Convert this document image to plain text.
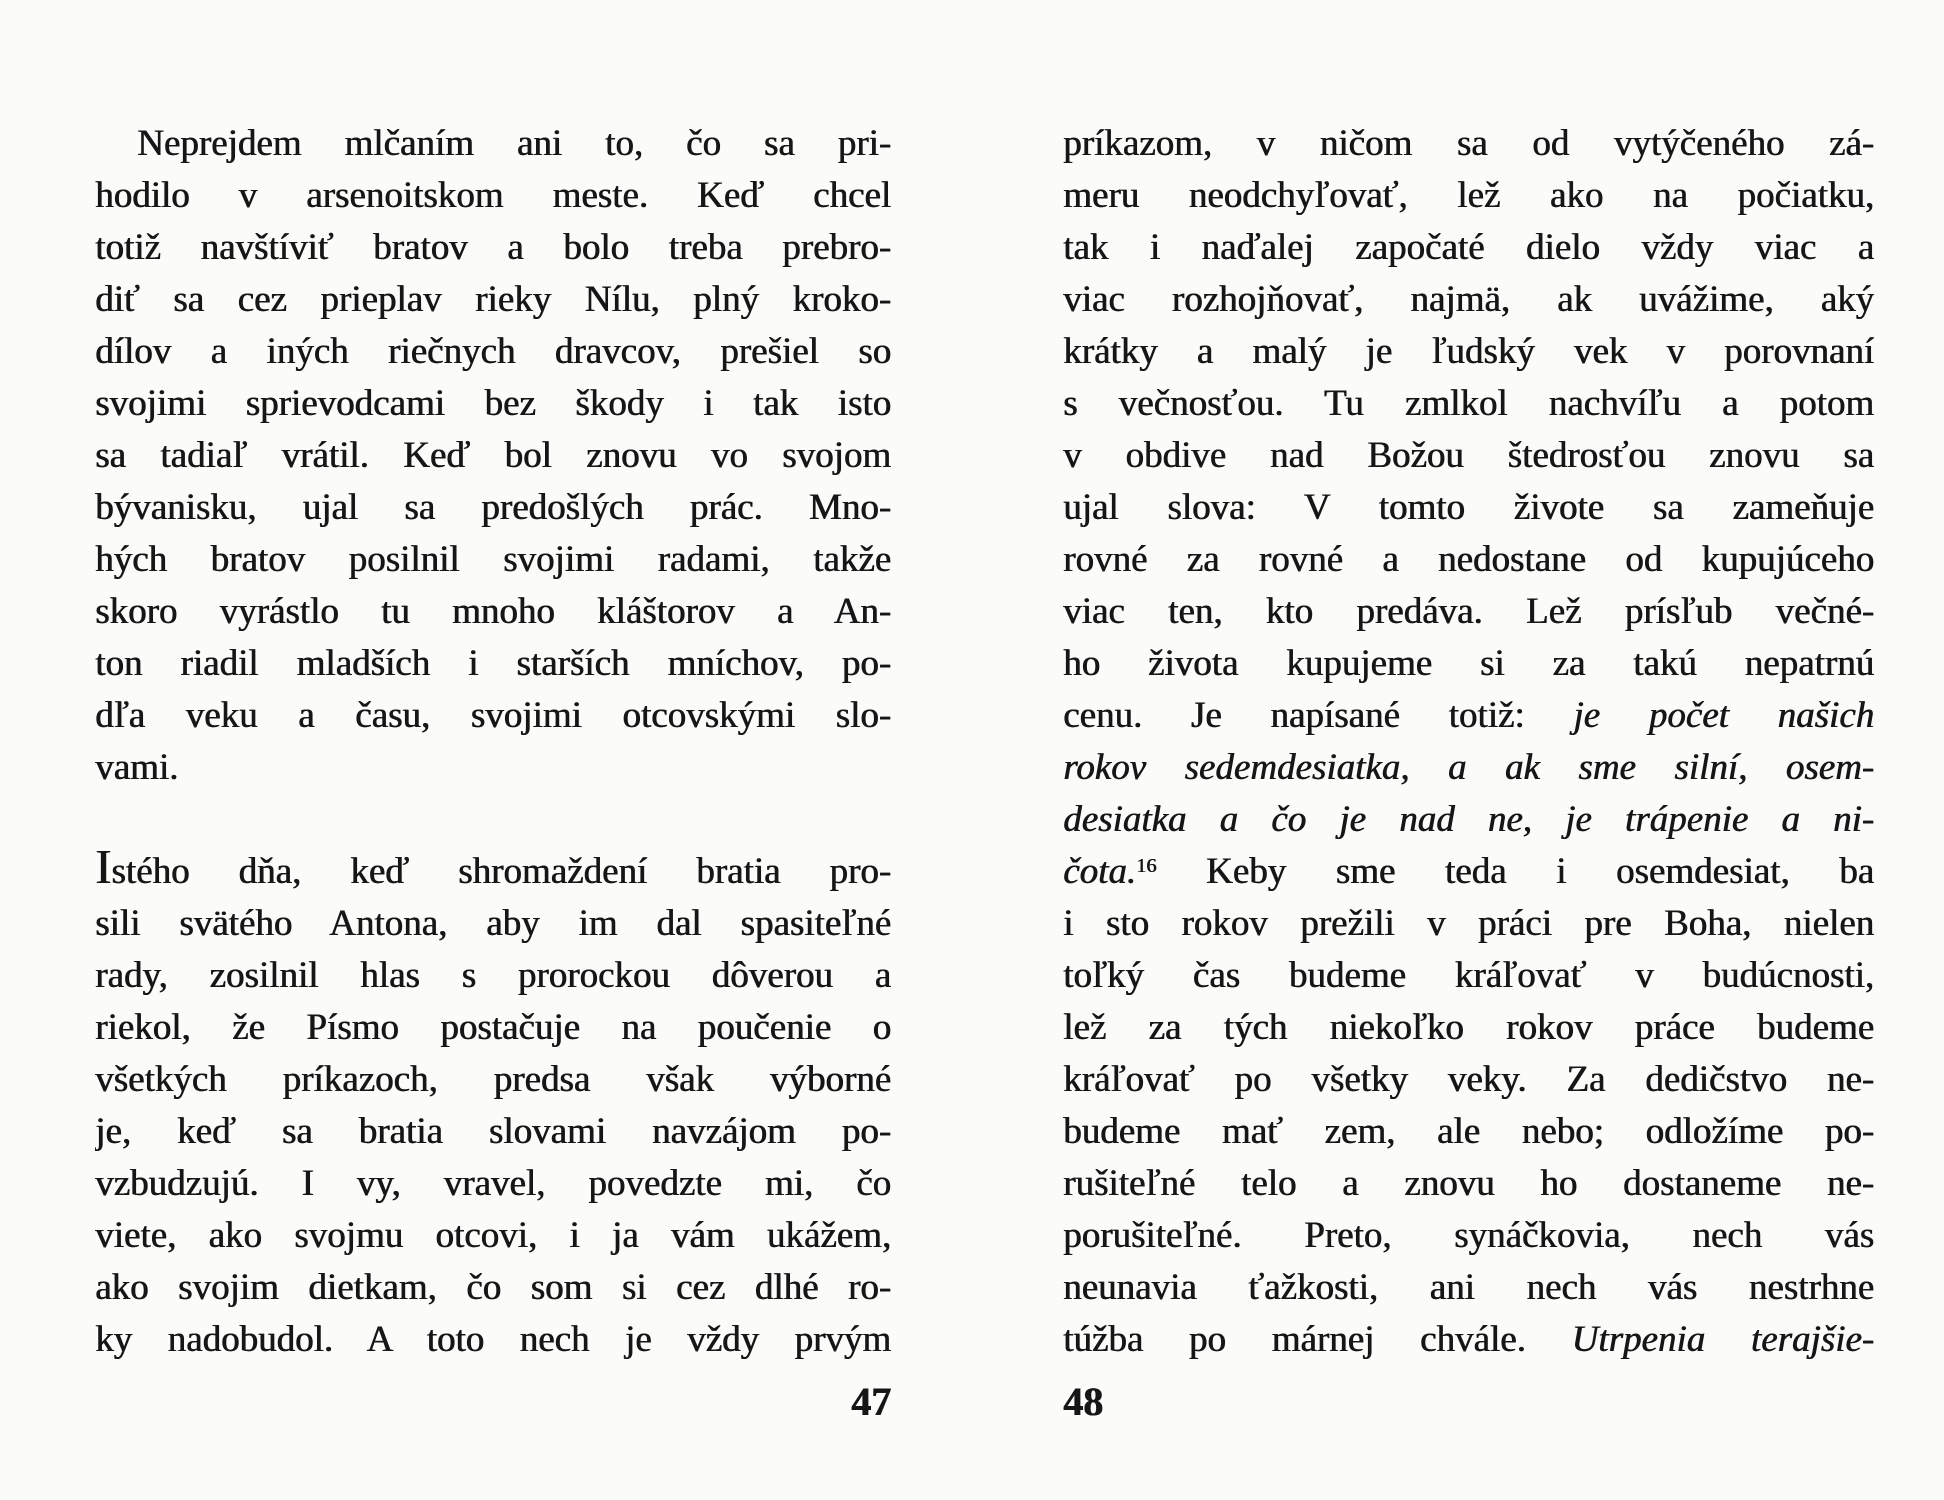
Neprejdem mlčaním ani to, čo sa pri-
hodilo v arsenoitskom meste. Keď chcel
totiž navštíviť bratov a bolo treba prebro-
diť sa cez prieplav rieky Nílu, plný kroko-
dílov a iných riečnych dravcov, prešiel so
svojimi sprievodcami bez škody i tak isto
sa tadiaľ vrátil. Keď bol znovu vo svojom
bývanisku, ujal sa predošlých prác. Mno-
hých bratov posilnil svojimi radami, takže
skoro vyrástlo tu mnoho kláštorov a An-
ton riadil mladších i starších mníchov, po-
dľa veku a času, svojimi otcovskými slo-
vami.
Istého dňa, keď shromaždení bratia pro-
sili svätého Antona, aby im dal spasiteľné
rady, zosilnil hlas s prorockou dôverou a
riekol, že Písmo postačuje na poučenie o
všetkých príkazoch, predsa však výborné
je, keď sa bratia slovami navzájom po-
vzbudzujú. I vy, vravel, povedzte mi, čo
viete, ako svojmu otcovi, i ja vám ukážem,
ako svojim dietkam, čo som si cez dlhé ro-
ky nadobudol. A toto nech je vždy prvým
47
príkazom, v ničom sa od vytýčeného zá-
meru neodchyľovať, lež ako na počiatku,
tak i naďalej započaté dielo vždy viac a
viac rozhojňovať, najmä, ak uvážime, aký
krátky a malý je ľudský vek v porovnaní
s večnosťou. Tu zmlkol nachvíľu a potom
v obdive nad Božou štedrosťou znovu sa
ujal slova: V tomto živote sa zameňuje
rovné za rovné a nedostane od kupujúceho
viac ten, kto predáva. Lež prísľub večné-
ho života kupujeme si za takú nepatrnú
cenu. Je napísané totiž: je počet našich
rokov sedemdesiatka, a ak sme silní, osem-
desiatka a čo je nad ne, je trápenie a ni-
čota.$^{16}$ Keby sme teda i osemdesiat, ba
i sto rokov prežili v práci pre Boha, nielen
toľký čas budeme kráľovať v budúcnosti,
lež za tých niekoľko rokov práce budeme
kráľovať po všetky veky. Za dedičstvo ne-
budeme mať zem, ale nebo; odložíme po-
rušiteľné telo a znovu ho dostaneme ne-
porušiteľné. Preto, synáčkovia, nech vás
neunavia ťažkosti, ani nech vás nestrhne
túžba po márnej chvále. Utrpenia terajšie-
48
